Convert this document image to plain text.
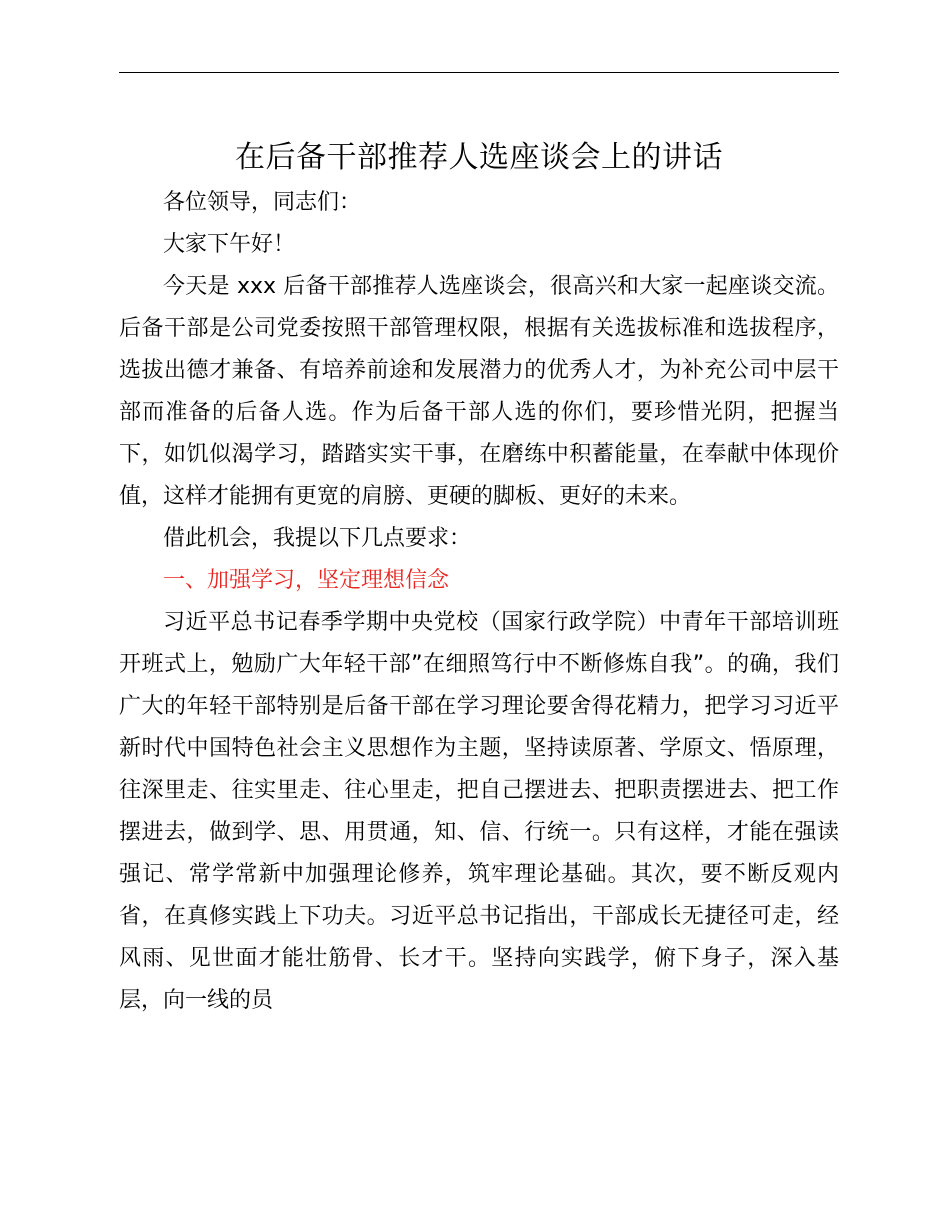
在后备干部推荐人选座谈会上的讲话

各位领导，同志们：

大家下午好！

今天是 xxx 后备干部推荐人选座谈会，很高兴和大家一起座谈交流。后备干部是公司党委按照干部管理权限，根据有关选拔标准和选拔程序，选拔出德才兼备、有培养前途和发展潜力的优秀人才，为补充公司中层干部而准备的后备人选。作为后备干部人选的你们，要珍惜光阴，把握当下，如饥似渴学习，踏踏实实干事，在磨练中积蓄能量，在奉献中体现价值，这样才能拥有更宽的肩膀、更硬的脚板、更好的未来。

借此机会，我提以下几点要求：

一、加强学习，坚定理想信念

习近平总书记春季学期中央党校（国家行政学院）中青年干部培训班开班式上，勉励广大年轻干部”在细照笃行中不断修炼自我”。的确，我们广大的年轻干部特别是后备干部在学习理论要舍得花精力，把学习习近平新时代中国特色社会主义思想作为主题，坚持读原著、学原文、悟原理，往深里走、往实里走、往心里走，把自己摆进去、把职责摆进去、把工作摆进去，做到学、思、用贯通，知、信、行统一。只有这样，才能在强读强记、常学常新中加强理论修养，筑牢理论基础。其次，要不断反观内省，在真修实践上下功夫。习近平总书记指出，干部成长无捷径可走，经风雨、见世面才能壮筋骨、长才干。坚持向实践学，俯下身子，深入基层，向一线的员
